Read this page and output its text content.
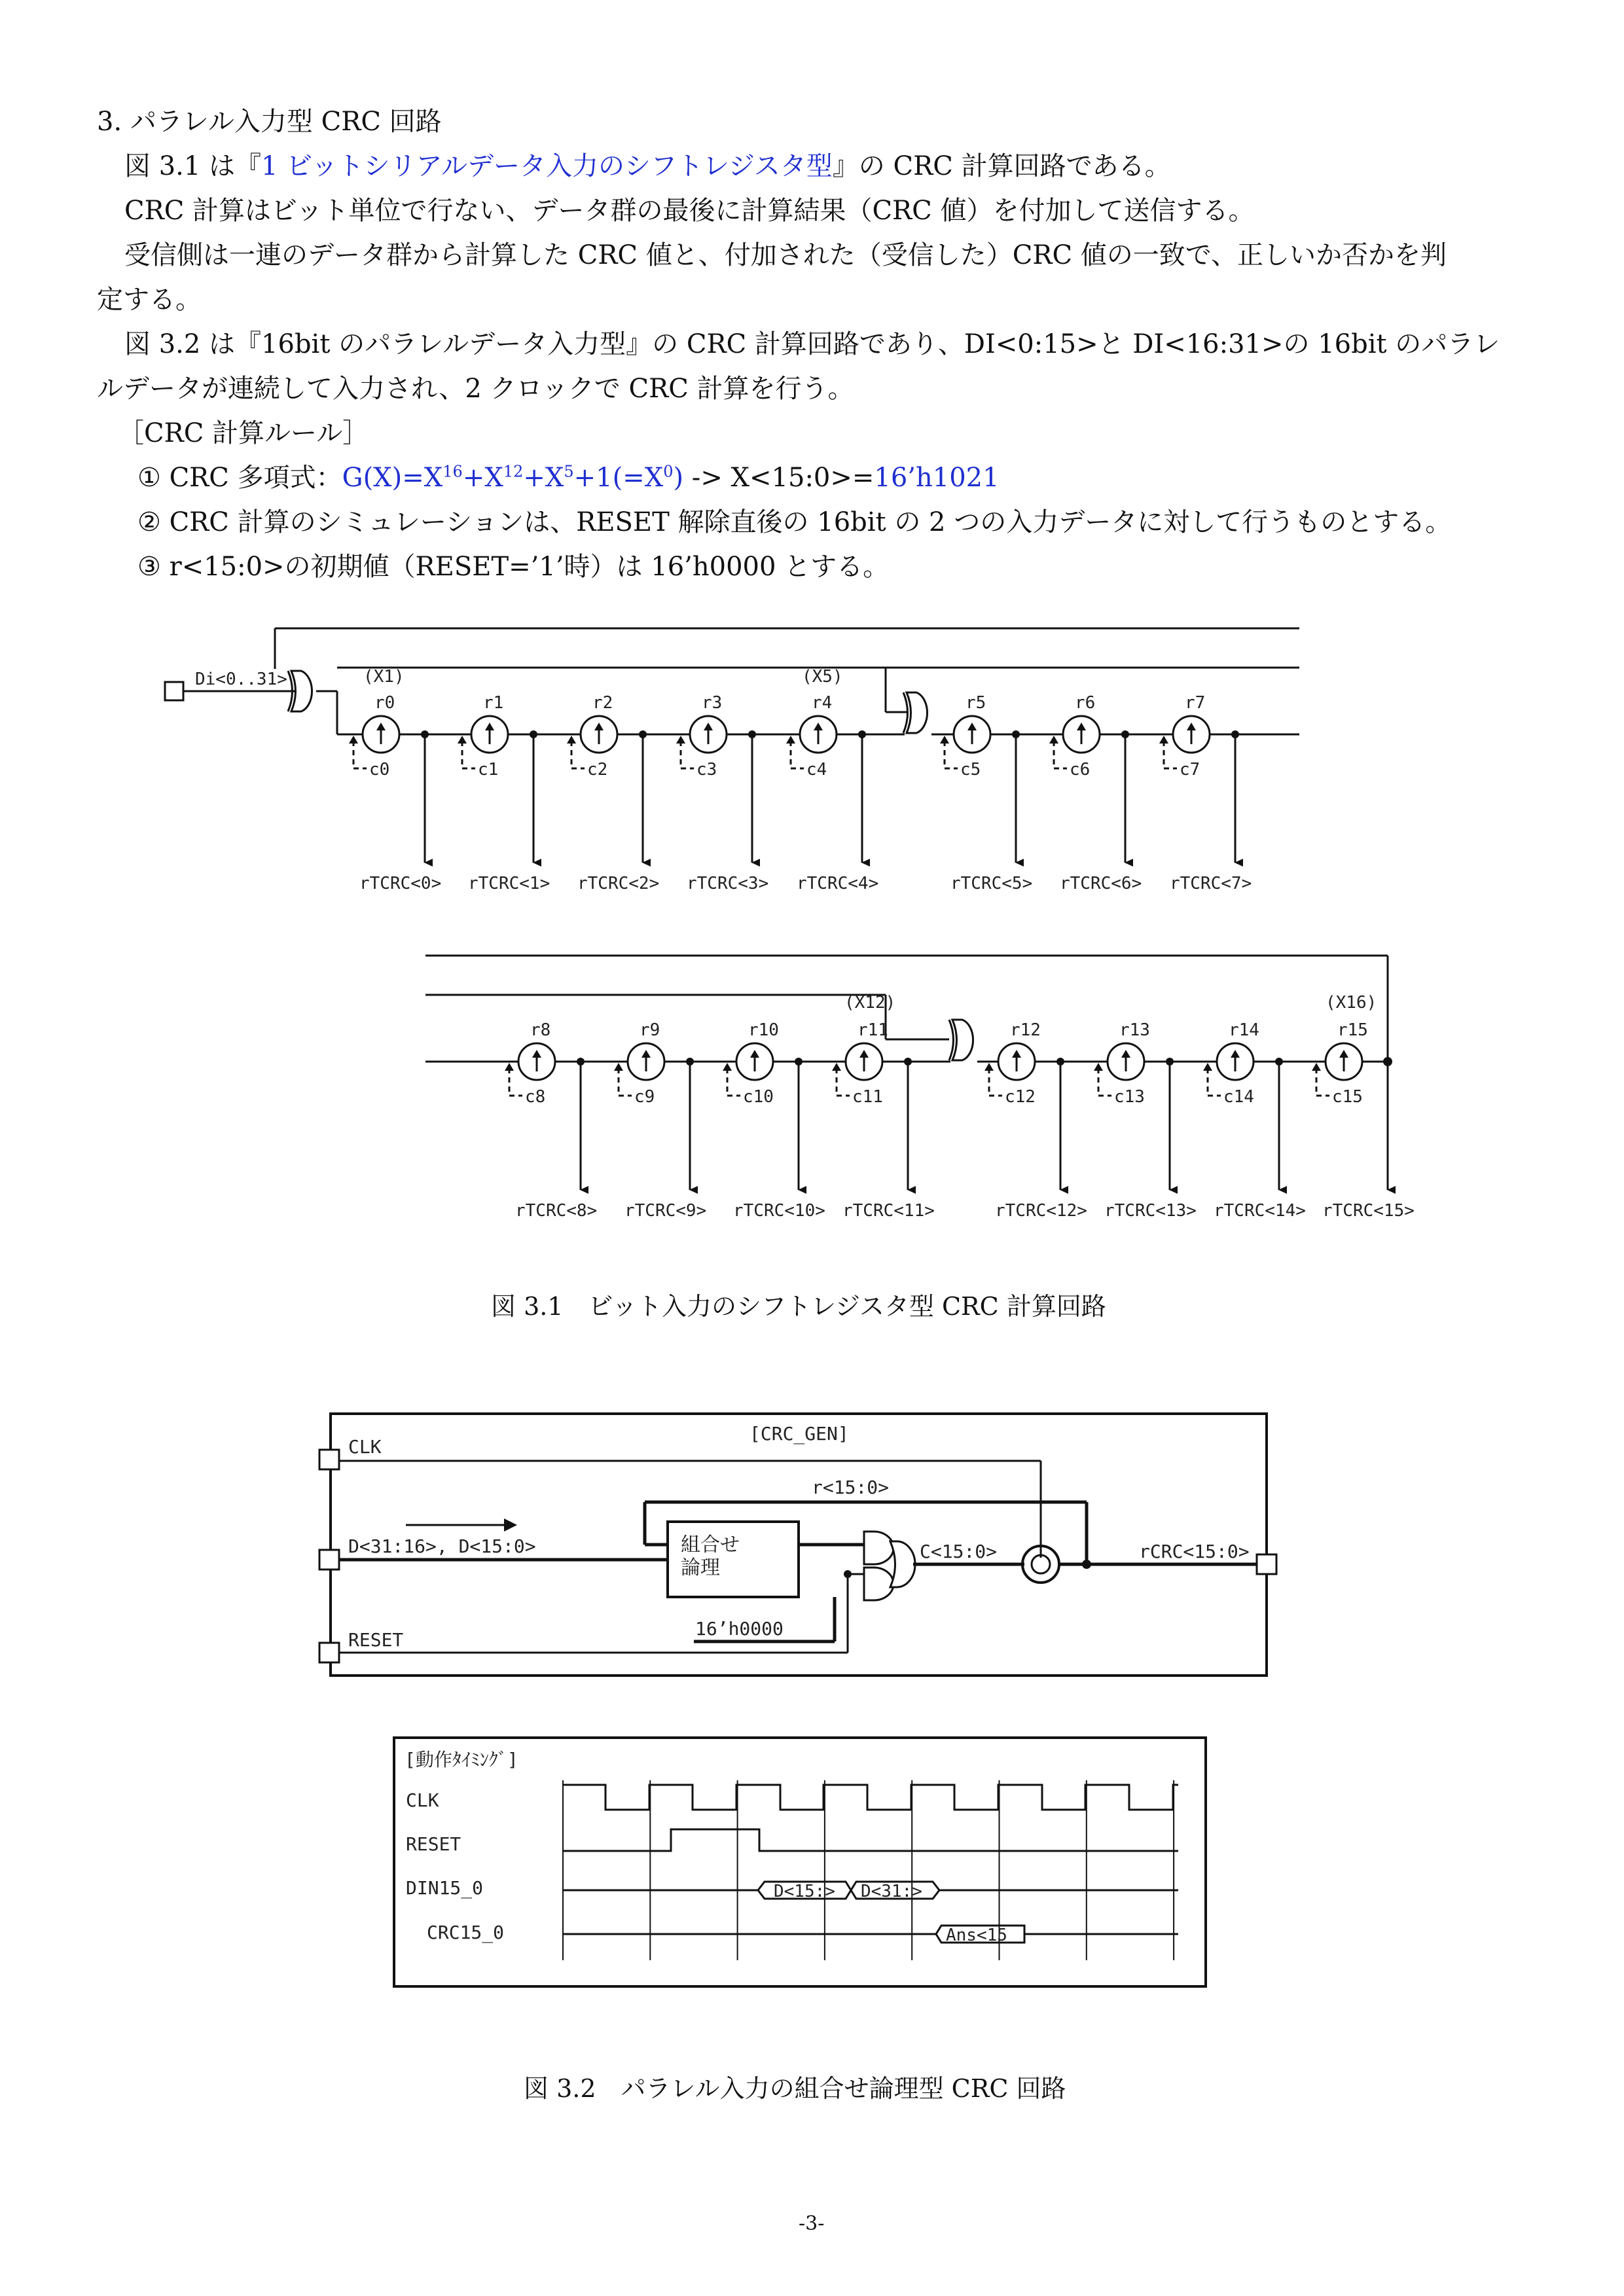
3. パラレル入力型 CRC 回路
図 3.1 は『1 ビットシリアルデータ入力のシフトレジスタ型』の CRC 計算回路である。
CRC 計算はビット単位で行ない、データ群の最後に計算結果（CRC 値）を付加して送信する。
受信側は一連のデータ群から計算した CRC 値と、付加された（受信した）CRC 値の一致で、正しいか否かを判
定する。
図 3.2 は『16bit のパラレルデータ入力型』の CRC 計算回路であり、DI<0:15>と DI<16:31>の 16bit のパラレ
ルデータが連続して入力され、2 クロックで CRC 計算を行う。
［CRC 計算ルール］
① CRC 多項式：$G(X)=X^{16}+X^{12}+X^5+1(=X^0)$ -> X<15:0>=16’h1021
② CRC 計算のシミュレーションは、RESET 解除直後の 16bit の 2 つの入力データに対して行うものとする。
③ r<15:0>の初期値（RESET=’1’時）は 16’h0000 とする。
Di<0..31>	(X1)	(X5)
r0
c0
rTCRC<0>
r1
c1
rTCRC<1>
r2
c2
rTCRC<2>
r3
c3
rTCRC<3>
r4
c4
rTCRC<4>
r5
c5
rTCRC<5>
r6
c6
rTCRC<6>
r7
c7
rTCRC<7>
(X12)	(X16)
r8
c8
rTCRC<8>
r9
c9
rTCRC<9>
r10
c10
rTCRC<10>
r11
c11
rTCRC<11>
r12
c12
rTCRC<12>
r13
c13
rTCRC<13>
r14
c14
rTCRC<14>
r15
c15
rTCRC<15>
図 3.1　ビット入力のシフトレジスタ型 CRC 計算回路
[CRC_GEN]
CLK
D<31:16>, D<15:0>
RESET
組合せ
論理
16’h0000
C<15:0>
r<15:0>
rCRC<15:0>
[動作ﾀｲﾐﾝｸﾞ]
CLK
RESET
DIN15_0
CRC15_0
D<15:> D<31:>
Ans<15
図 3.2　パラレル入力の組合せ論理型 CRC 回路
-3-
